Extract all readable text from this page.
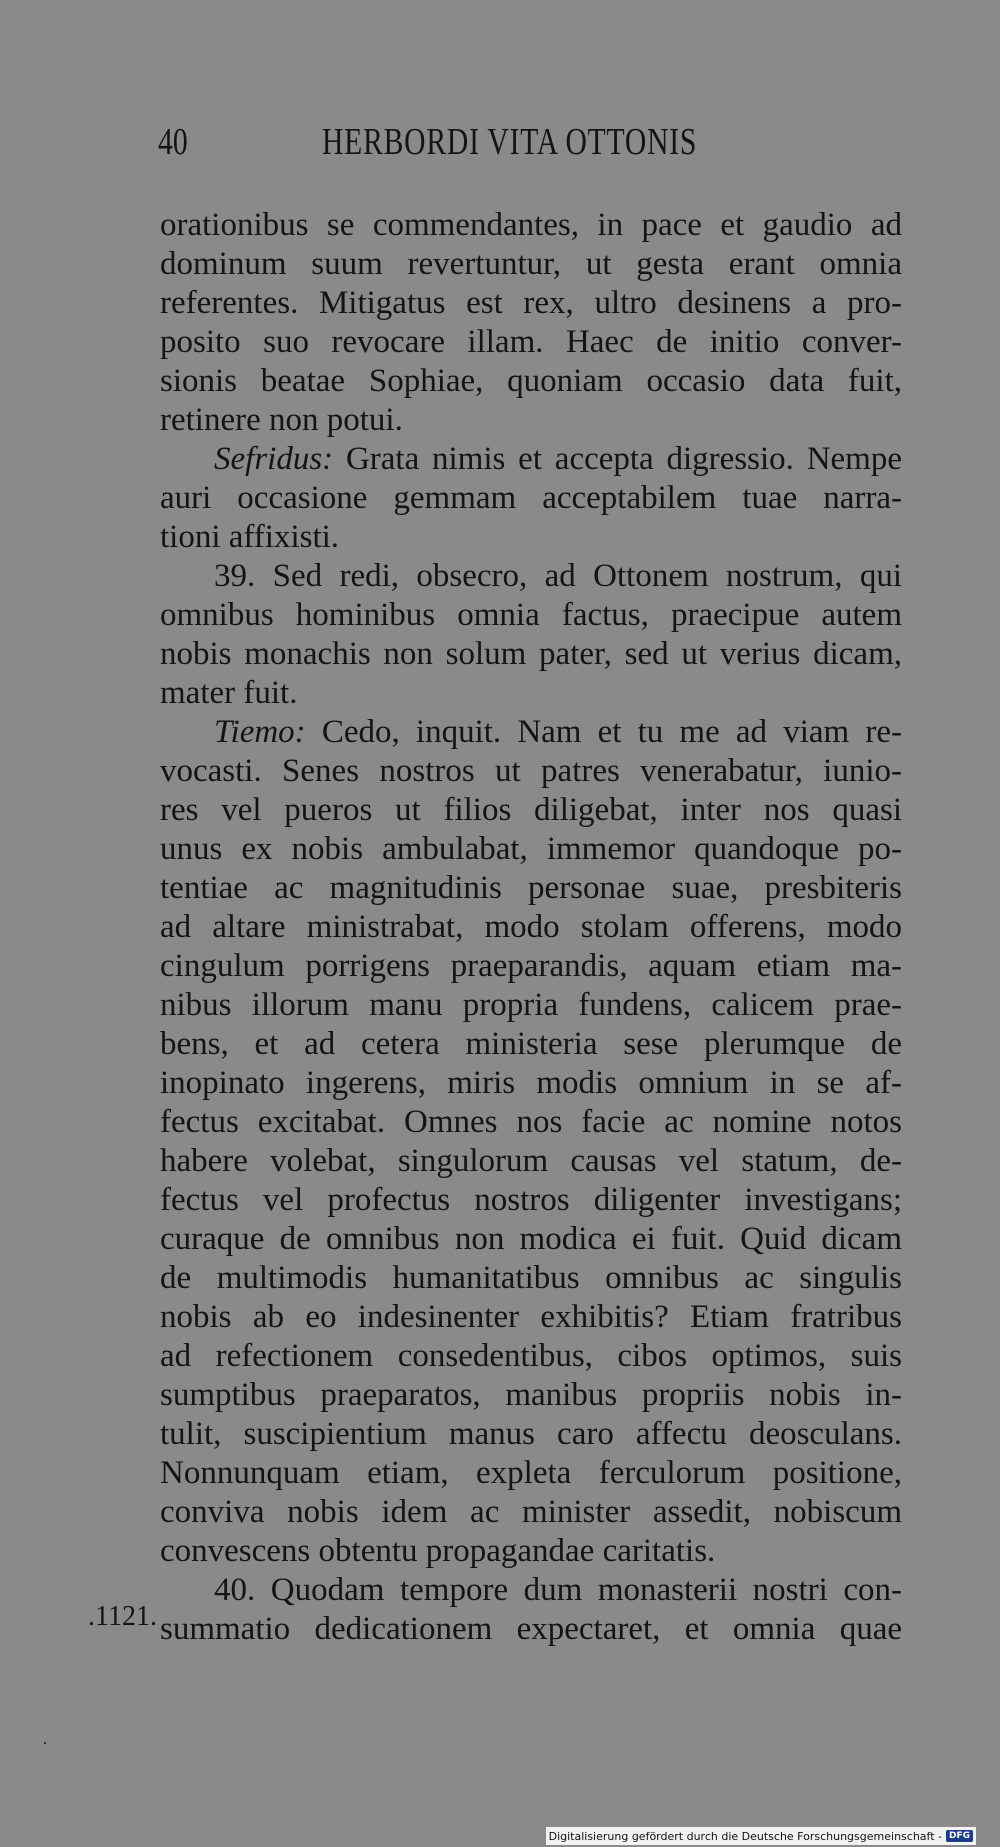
40	HERBORDI VITA OTTONIS
orationibus se commendantes, in pace et gaudio ad
dominum suum revertuntur, ut gesta erant omnia
referentes. Mitigatus est rex, ultro desinens a pro-
posito suo revocare illam. Haec de initio conver-
sionis beatae Sophiae, quoniam occasio data fuit,
retinere non potui.
Sefridus: Grata nimis et accepta digressio. Nempe
auri occasione gemmam acceptabilem tuae narra-
tioni affixisti.
39. Sed redi, obsecro, ad Ottonem nostrum, qui
omnibus hominibus omnia factus, praecipue autem
nobis monachis non solum pater, sed ut verius dicam,
mater fuit.
Tiemo: Cedo, inquit. Nam et tu me ad viam re-
vocasti. Senes nostros ut patres venerabatur, iunio-
res vel pueros ut filios diligebat, inter nos quasi
unus ex nobis ambulabat, immemor quandoque po-
tentiae ac magnitudinis personae suae, presbiteris
ad altare ministrabat, modo stolam offerens, modo
cingulum porrigens praeparandis, aquam etiam ma-
nibus illorum manu propria fundens, calicem prae-
bens, et ad cetera ministeria sese plerumque de
inopinato ingerens, miris modis omnium in se af-
fectus excitabat. Omnes nos facie ac nomine notos
habere volebat, singulorum causas vel statum, de-
fectus vel profectus nostros diligenter investigans;
curaque de omnibus non modica ei fuit. Quid dicam
de multimodis humanitatibus omnibus ac singulis
nobis ab eo indesinenter exhibitis? Etiam fratribus
ad refectionem consedentibus, cibos optimos, suis
sumptibus praeparatos, manibus propriis nobis in-
tulit, suscipientium manus caro affectu deosculans.
Nonnunquam etiam, expleta ferculorum positione,
conviva nobis idem ac minister assedit, nobiscum
convescens obtentu propagandae caritatis.
40. Quodam tempore dum monasterii nostri con-
summatio dedicationem expectaret, et omnia quae
.1121.
Digitalisierung gefördert durch die Deutsche Forschungsgemeinschaft - DFG
